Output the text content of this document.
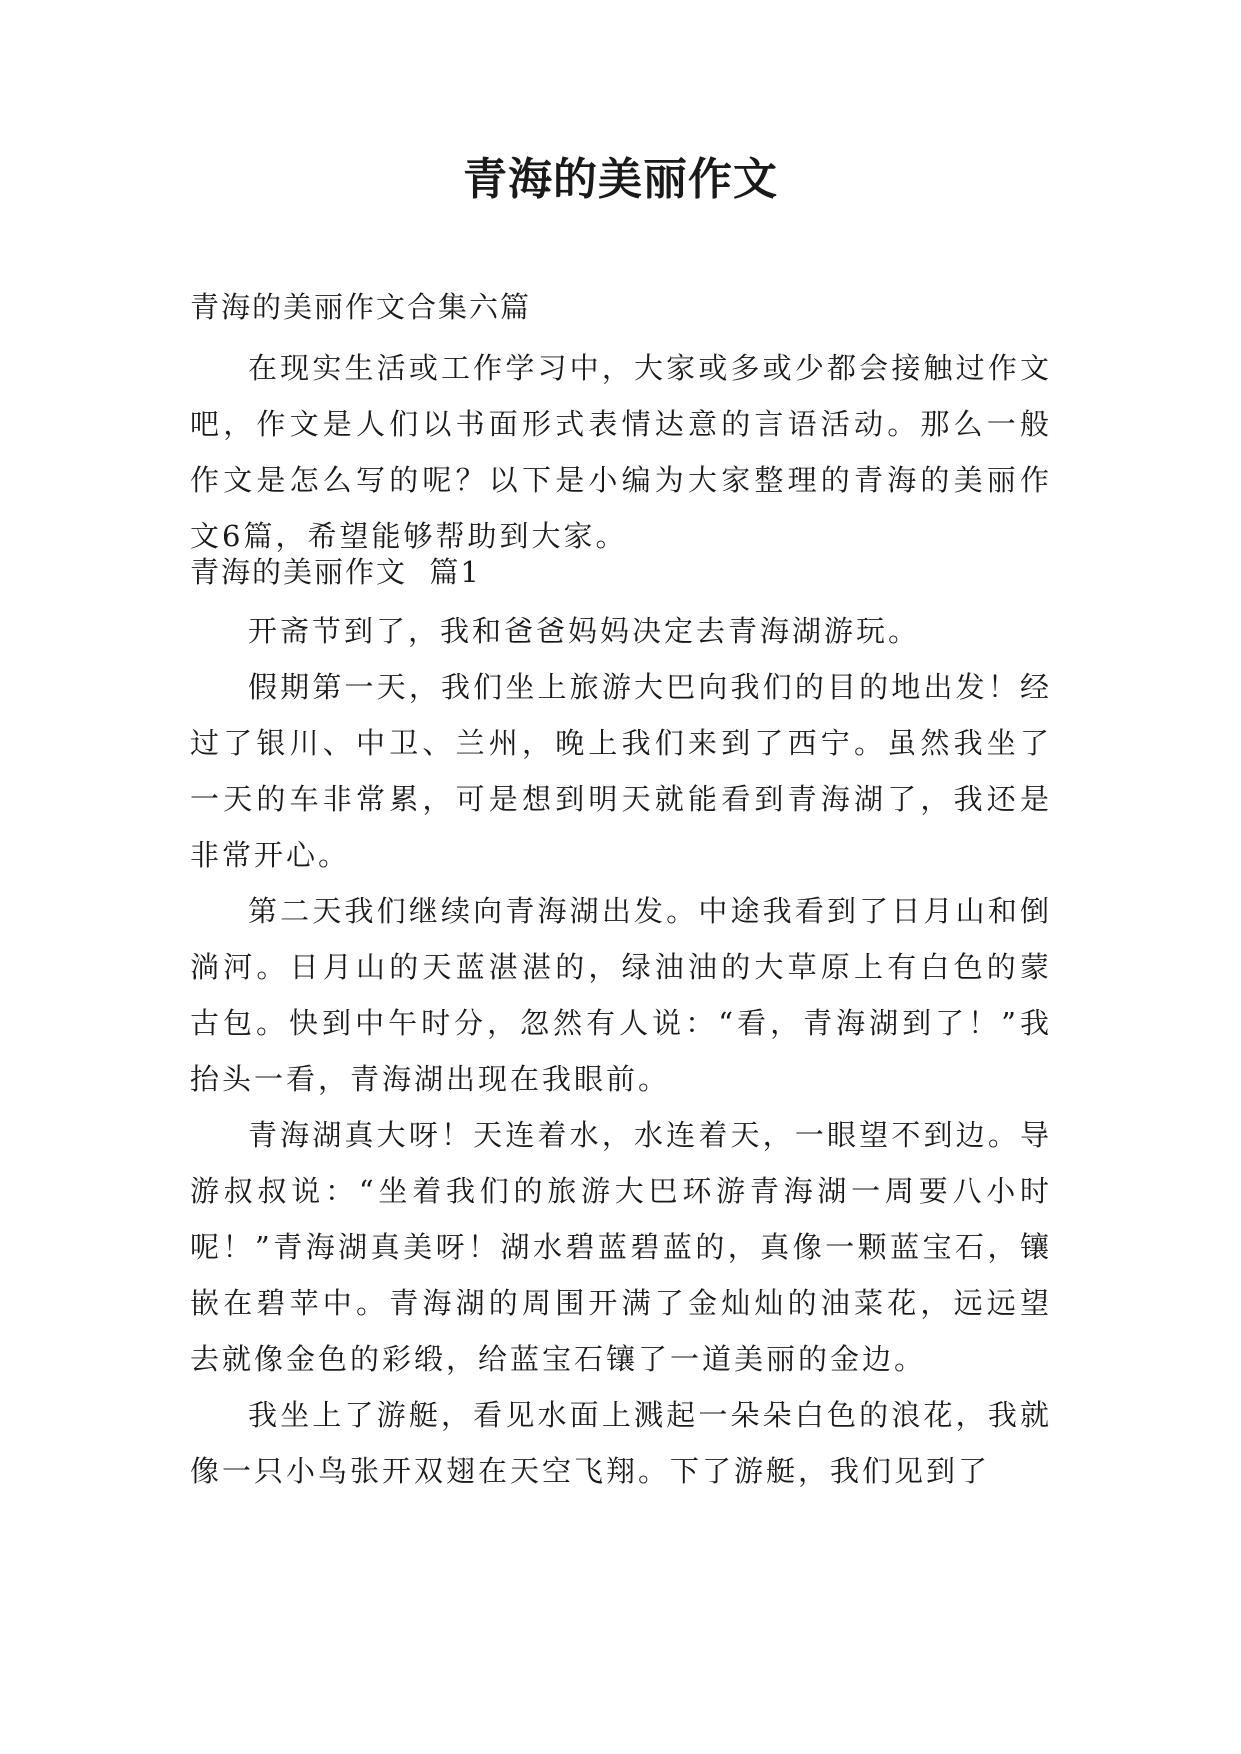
青海的美丽作文

青海的美丽作文合集六篇

在现实生活或工作学习中，大家或多或少都会接触过作文吧，作文是人们以书面形式表情达意的言语活动。那么一般作文是怎么写的呢？以下是小编为大家整理的青海的美丽作文6篇，希望能够帮助到大家。

青海的美丽作文  篇1

开斋节到了，我和爸爸妈妈决定去青海湖游玩。

假期第一天，我们坐上旅游大巴向我们的目的地出发！经过了银川、中卫、兰州，晚上我们来到了西宁。虽然我坐了一天的车非常累，可是想到明天就能看到青海湖了，我还是非常开心。

第二天我们继续向青海湖出发。中途我看到了日月山和倒淌河。日月山的天蓝湛湛的，绿油油的大草原上有白色的蒙古包。快到中午时分，忽然有人说：“看，青海湖到了！”我抬头一看，青海湖出现在我眼前。

青海湖真大呀！天连着水，水连着天，一眼望不到边。导游叔叔说：“坐着我们的旅游大巴环游青海湖一周要八小时呢！”青海湖真美呀！湖水碧蓝碧蓝的，真像一颗蓝宝石，镶嵌在碧苹中。青海湖的周围开满了金灿灿的油菜花，远远望去就像金色的彩缎，给蓝宝石镶了一道美丽的金边。

我坐上了游艇，看见水面上溅起一朵朵白色的浪花，我就像一只小鸟张开双翅在天空飞翔。下了游艇，我们见到了
